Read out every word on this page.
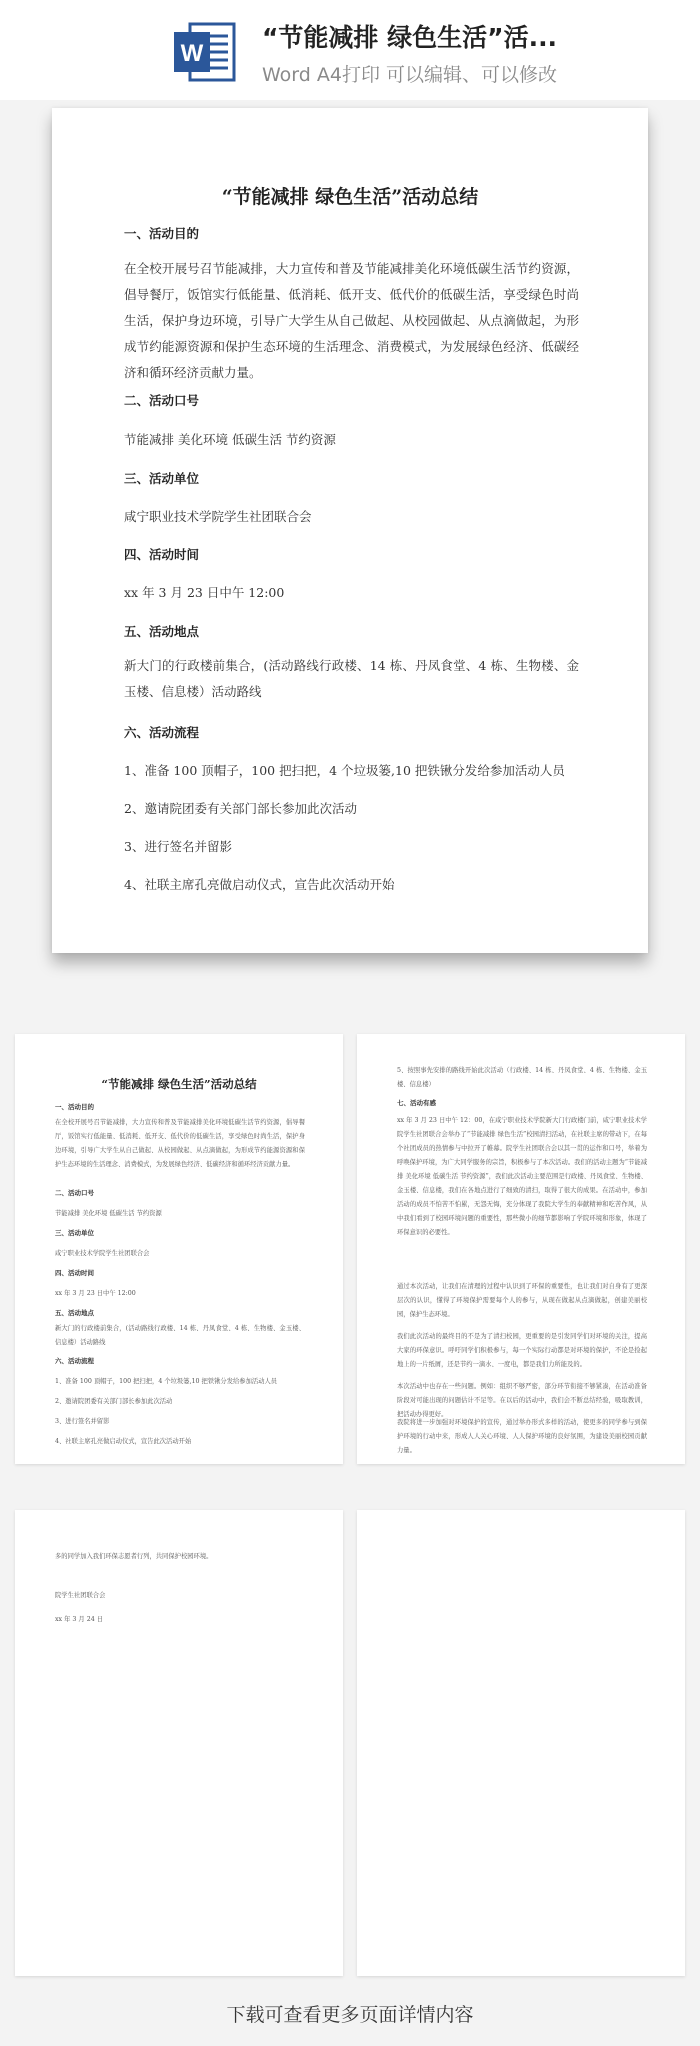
W
“节能减排 绿色生活”活...
Word A4打印 可以编辑、可以修改
“节能减排 绿色生活”活动总结
一、活动目的
在全校开展号召节能减排，大力宣传和普及节能减排美化环境低碳生活节约资源，倡导餐厅，饭馆实行低能量、低消耗、低开支、低代价的低碳生活，享受绿色时尚生活，保护身边环境，引导广大学生从自己做起、从校园做起、从点滴做起，为形成节约能源资源和保护生态环境的生活理念、消费模式，为发展绿色经济、低碳经济和循环经济贡献力量。
二、活动口号
节能减排 美化环境 低碳生活 节约资源
三、活动单位
咸宁职业技术学院学生社团联合会
四、活动时间
xx 年 3 月 23 日中午 12:00
五、活动地点
新大门的行政楼前集合，(活动路线行政楼、14 栋、丹凤食堂、4 栋、生物楼、金玉楼、信息楼）活动路线
六、活动流程
1、准备 100 顶帽子，100 把扫把，4 个垃圾篓,10 把铁锹分发给参加活动人员
2、邀请院团委有关部门部长参加此次活动
3、进行签名并留影
4、社联主席孔亮做启动仪式，宣告此次活动开始
“节能减排 绿色生活”活动总结
一、活动目的
在全校开展号召节能减排，大力宣传和普及节能减排美化环境低碳生活节约资源，倡导餐厅，饭馆实行低能量、低消耗、低开支、低代价的低碳生活，享受绿色时尚生活，保护身边环境，引导广大学生从自己做起、从校园做起、从点滴做起，为形成节约能源资源和保护生态环境的生活理念、消费模式，为发展绿色经济、低碳经济和循环经济贡献力量。
二、活动口号
节能减排 美化环境 低碳生活 节约资源
三、活动单位
咸宁职业技术学院学生社团联合会
四、活动时间
xx 年 3 月 23 日中午 12:00
五、活动地点
新大门的行政楼前集合，(活动路线行政楼、14 栋、丹凤食堂、4 栋、生物楼、金玉楼、信息楼）活动路线
六、活动流程
1、准备 100 顶帽子，100 把扫把，4 个垃圾篓,10 把铁锹分发给参加活动人员
2、邀请院团委有关部门部长参加此次活动
3、进行签名并留影
4、社联主席孔亮做启动仪式，宣告此次活动开始
5、按照事先安排的路线开始此次活动（行政楼、14 栋、丹凤食堂、4 栋、生物楼、金玉楼、信息楼）
七、活动有感
xx 年 3 月 23 日中午 12：00，在咸宁职业技术学院新大门行政楼门前，咸宁职业技术学院学生社团联合会举办了“节能减排 绿色生活”校园清扫活动，在社联主席的带动下，在每个社团成员的热情参与中拉开了帷幕。院学生社团联合会以其一贯的运作和口号，举着为呼唤保护环境，为广大同学服务的宗旨，积极参与了本次活动。我们的活动主题为“节能减排 美化环境 低碳生活 节约资源”，我们此次活动主要范围是行政楼、丹凤食堂、生物楼、金玉楼、信息楼，我们在各地点进行了细致的清扫，取得了很大的成果。在活动中，参加活动的成员不怕苦不怕累，无怨无悔，充分体现了我院大学生的奉献精神和吃苦作风，从中我们看到了校园环境问题的重要性，那些微小的细节都影响了学院环境和形象，体现了环保意识的必要性。
通过本次活动，让我们在清理的过程中认识到了环保的重要性，也让我们对自身有了更深层次的认识，懂得了环境保护需要每个人的参与，从现在做起从点滴做起，创建美丽校园，保护生态环境。
我们此次活动的最终目的不是为了清扫校园，更重要的是引发同学们对环境的关注，提高大家的环保意识。呼吁同学们积极参与，每一个实际行动都是对环境的保护，不论是捡起地上的一片纸屑，还是节约一滴水、一度电，都是我们力所能及的。
本次活动中也存在一些问题。例如：组织不够严密，部分环节衔接不够紧凑，在活动准备阶段对可能出现的问题估计不足等。在以后的活动中，我们会不断总结经验，吸取教训，把活动办得更好。
我院将进一步加强对环境保护的宣传，通过举办形式多样的活动，使更多的同学参与到保护环境的行动中来，形成人人关心环境、人人保护环境的良好氛围，为建设美丽校园贡献力量。
多的同学加入我们环保志愿者行列，共同保护校园环境。
院学生社团联合会
xx 年 3 月 24 日
下载可查看更多页面详情内容
